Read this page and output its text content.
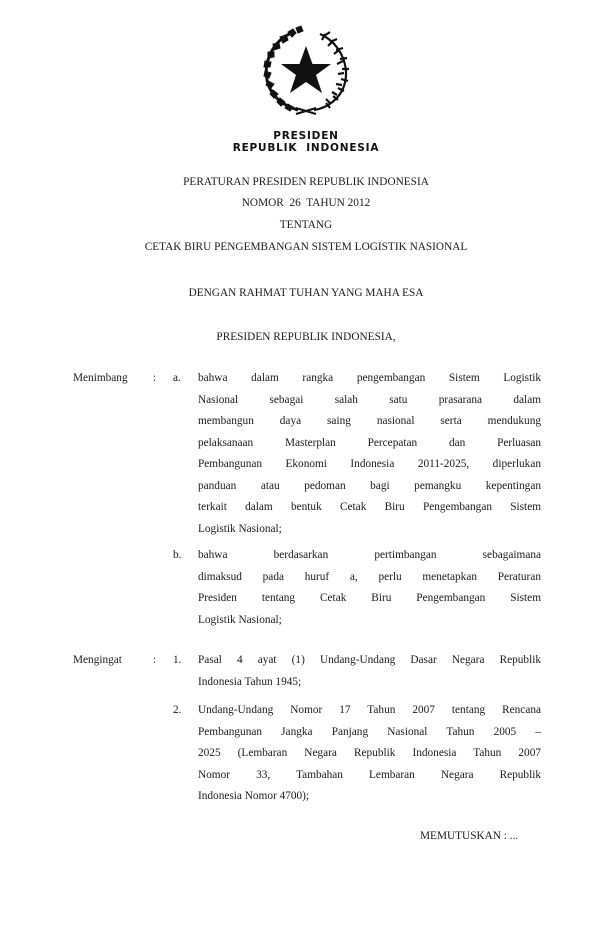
PRESIDEN
REPUBLIK  INDONESIA
PERATURAN PRESIDEN REPUBLIK INDONESIA
NOMOR  26  TAHUN 2012
TENTANG
CETAK BIRU PENGEMBANGAN SISTEM LOGISTIK NASIONAL
DENGAN RAHMAT TUHAN YANG MAHA ESA
PRESIDEN REPUBLIK INDONESIA,
Menimbang : a. bahwa dalam rangka pengembangan Sistem Logistik
Nasional sebagai salah satu prasarana dalam
membangun daya saing nasional serta mendukung
pelaksanaan Masterplan Percepatan dan Perluasan
Pembangunan Ekonomi Indonesia 2011-2025, diperlukan
panduan atau pedoman bagi pemangku kepentingan
terkait dalam bentuk Cetak Biru Pengembangan Sistem
Logistik Nasional;
b. bahwa berdasarkan pertimbangan sebagaimana
dimaksud pada huruf a, perlu menetapkan Peraturan
Presiden tentang Cetak Biru Pengembangan Sistem
Logistik Nasional;
Mengingat	: 1. Pasal 4 ayat (1) Undang-Undang Dasar Negara Republik
Indonesia Tahun 1945;
2. Undang-Undang Nomor 17 Tahun 2007 tentang Rencana
Pembangunan Jangka Panjang Nasional Tahun 2005 –
2025 (Lembaran Negara Republik Indonesia Tahun 2007
Nomor 33, Tambahan Lembaran Negara Republik
Indonesia Nomor 4700);
MEMUTUSKAN : ...
